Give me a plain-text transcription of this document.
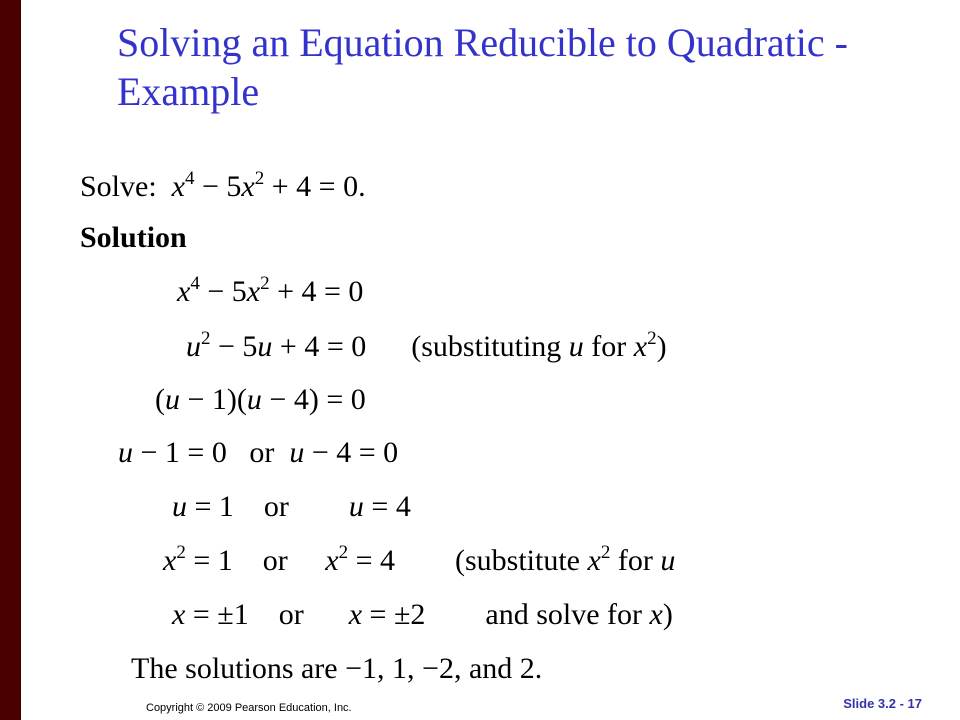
Solving an Equation Reducible to Quadratic - Example
Solve: $x^4 - 5x^2 + 4 = 0$.
Solution
$x^4 - 5x^2 + 4 = 0$
$u^2 - 5u + 4 = 0$ (substituting u for $x^2$)
(u − 1)(u − 4) = 0
u − 1 = 0   or  u − 4 = 0
u = 1    or        u = 4
$x^2 = 1$    or     $x^2 = 4$        (substitute $x^2$ for u
x = ±1    or      x = ±2        and solve for x)
The solutions are −1, 1, −2, and 2.
Copyright © 2009 Pearson Education, Inc.	Slide 3.2 - 17
